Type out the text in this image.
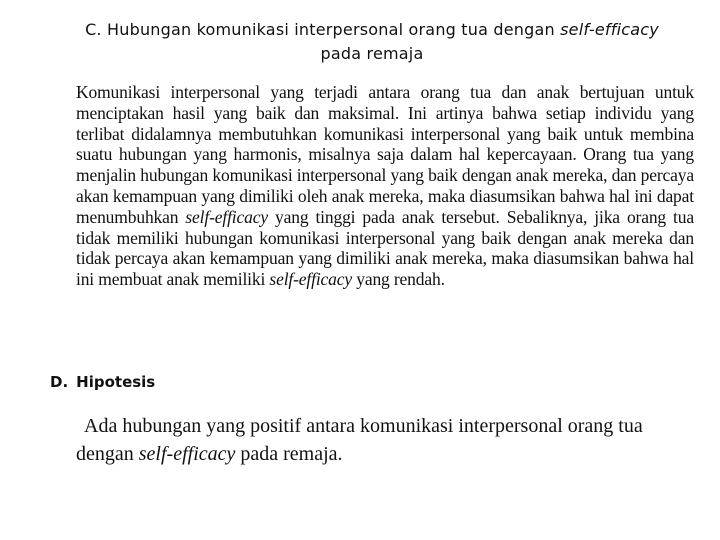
C. Hubungan komunikasi interpersonal orang tua dengan self-efficacy
pada remaja

Komunikasi interpersonal yang terjadi antara orang tua dan anak bertujuan untuk menciptakan hasil yang baik dan maksimal. Ini artinya bahwa setiap individu yang terlibat didalamnya membutuhkan komunikasi interpersonal yang baik untuk membina suatu hubungan yang harmonis, misalnya saja dalam hal kepercayaan. Orang tua yang menjalin hubungan komunikasi interpersonal yang baik dengan anak mereka, dan percaya akan kemampuan yang dimiliki oleh anak mereka, maka diasumsikan bahwa hal ini dapat menumbuhkan self-efficacy yang tinggi pada anak tersebut. Sebaliknya, jika orang tua tidak memiliki hubungan komunikasi interpersonal yang baik dengan anak mereka dan tidak percaya akan kemampuan yang dimiliki anak mereka, maka diasumsikan bahwa hal ini membuat anak memiliki self-efficacy yang rendah.

D. Hipotesis

Ada hubungan yang positif antara komunikasi interpersonal orang tua dengan self-efficacy pada remaja.
